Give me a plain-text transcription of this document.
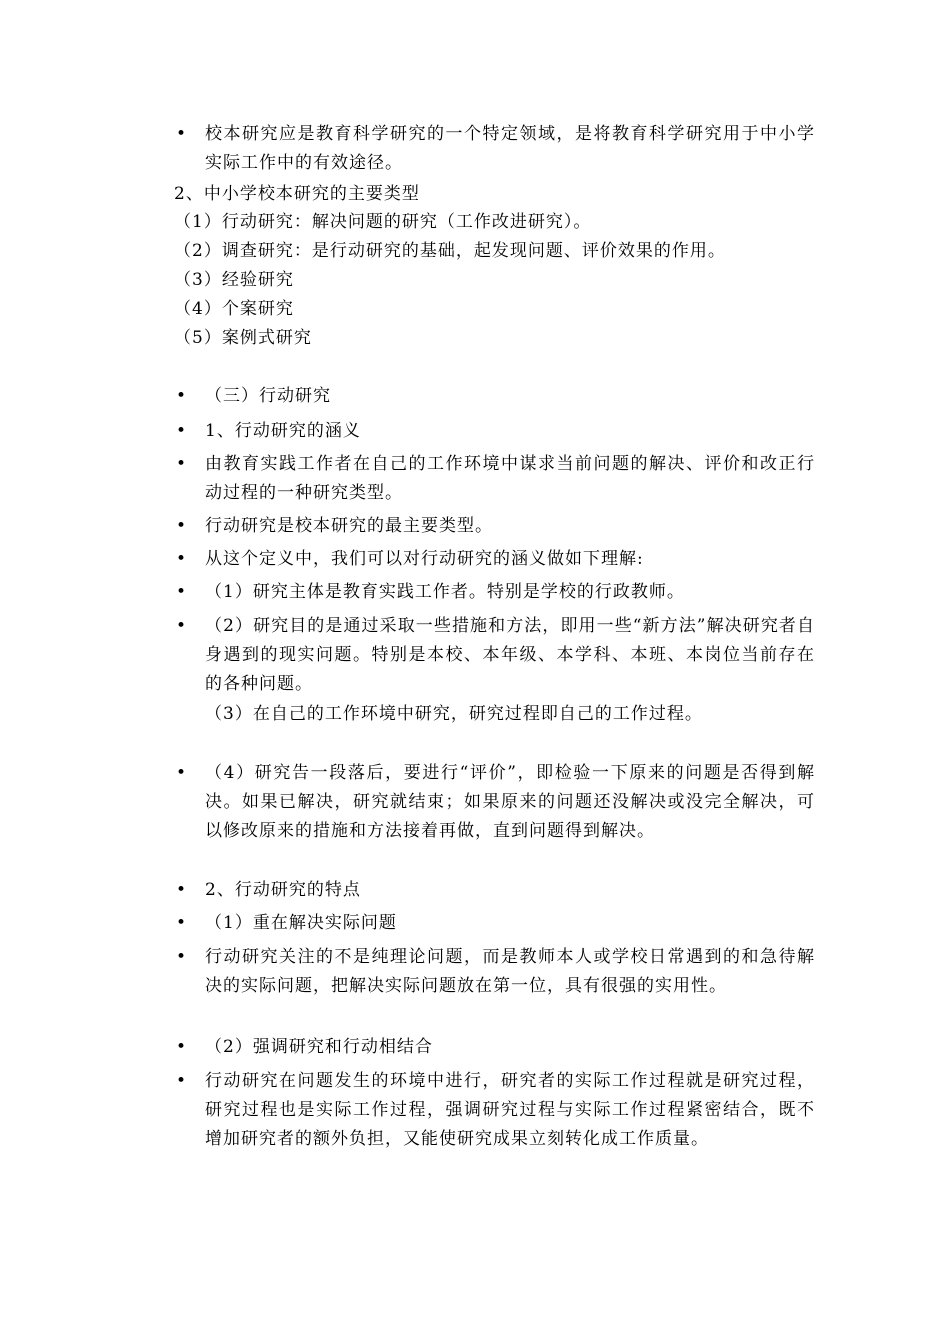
• 校本研究应是教育科学研究的一个特定领域，是将教育科学研究用于中小学实际工作中的有效途径。
2、中小学校本研究的主要类型
（1）行动研究：解决问题的研究（工作改进研究）。
（2）调查研究：是行动研究的基础，起发现问题、评价效果的作用。
（3）经验研究
（4）个案研究
（5）案例式研究
• （三）行动研究
• 1、行动研究的涵义
• 由教育实践工作者在自己的工作环境中谋求当前问题的解决、评价和改正行动过程的一种研究类型。
• 行动研究是校本研究的最主要类型。
• 从这个定义中，我们可以对行动研究的涵义做如下理解:
• （1）研究主体是教育实践工作者。特别是学校的行政教师。
• （2）研究目的是通过采取一些措施和方法，即用一些“新方法”解决研究者自身遇到的现实问题。特别是本校、本年级、本学科、本班、本岗位当前存在的各种问题。
（3）在自己的工作环境中研究，研究过程即自己的工作过程。
• （4）研究告一段落后，要进行“评价”，即检验一下原来的问题是否得到解决。如果已解决，研究就结束；如果原来的问题还没解决或没完全解决，可以修改原来的措施和方法接着再做，直到问题得到解决。
• 2、行动研究的特点
• （1）重在解决实际问题
• 行动研究关注的不是纯理论问题，而是教师本人或学校日常遇到的和急待解决的实际问题，把解决实际问题放在第一位，具有很强的实用性。
• （2）强调研究和行动相结合
• 行动研究在问题发生的环境中进行，研究者的实际工作过程就是研究过程，研究过程也是实际工作过程，强调研究过程与实际工作过程紧密结合，既不增加研究者的额外负担，又能使研究成果立刻转化成工作质量。
